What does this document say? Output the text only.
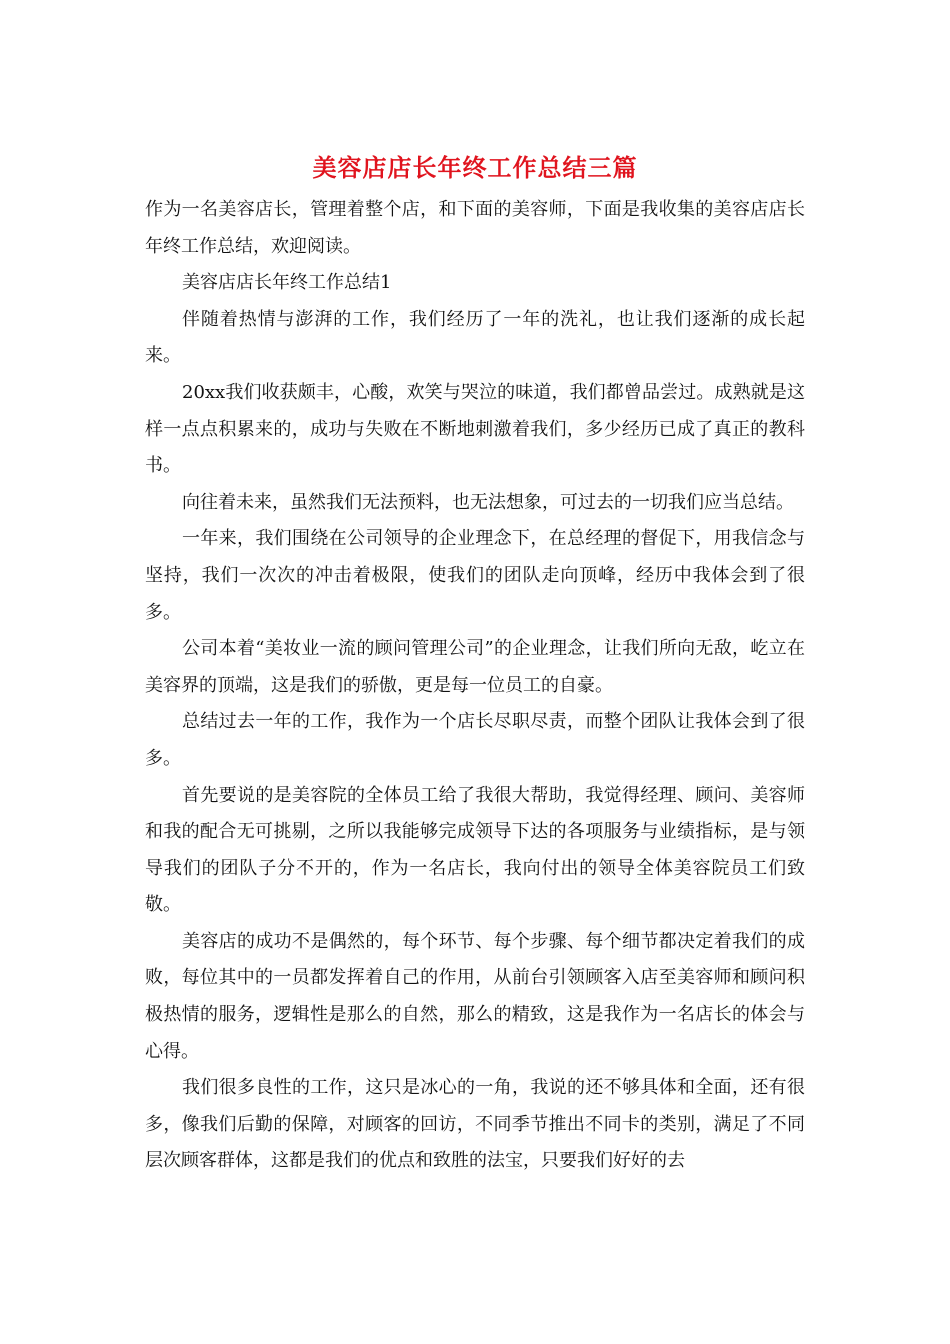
美容店店长年终工作总结三篇

作为一名美容店长，管理着整个店，和下面的美容师，下面是我收集的美容店店长年终工作总结，欢迎阅读。

美容店店长年终工作总结1

伴随着热情与澎湃的工作，我们经历了一年的洗礼，也让我们逐渐的成长起来。

20xx我们收获颇丰，心酸，欢笑与哭泣的味道，我们都曾品尝过。成熟就是这样一点点积累来的，成功与失败在不断地刺激着我们，多少经历已成了真正的教科书。

向往着未来，虽然我们无法预料，也无法想象，可过去的一切我们应当总结。

一年来，我们围绕在公司领导的企业理念下，在总经理的督促下，用我信念与坚持，我们一次次的冲击着极限，使我们的团队走向顶峰，经历中我体会到了很多。

公司本着“美妆业一流的顾问管理公司”的企业理念，让我们所向无敌，屹立在美容界的顶端，这是我们的骄傲，更是每一位员工的自豪。

总结过去一年的工作，我作为一个店长尽职尽责，而整个团队让我体会到了很多。

首先要说的是美容院的全体员工给了我很大帮助，我觉得经理、顾问、美容师和我的配合无可挑剔，之所以我能够完成领导下达的各项服务与业绩指标，是与领导我们的团队子分不开的，作为一名店长，我向付出的领导全体美容院员工们致敬。

美容店的成功不是偶然的，每个环节、每个步骤、每个细节都决定着我们的成败，每位其中的一员都发挥着自己的作用，从前台引领顾客入店至美容师和顾问积极热情的服务，逻辑性是那么的自然，那么的精致，这是我作为一名店长的体会与心得。

我们很多良性的工作，这只是冰心的一角，我说的还不够具体和全面，还有很多，像我们后勤的保障，对顾客的回访，不同季节推出不同卡的类别，满足了不同层次顾客群体，这都是我们的优点和致胜的法宝，只要我们好好的去
